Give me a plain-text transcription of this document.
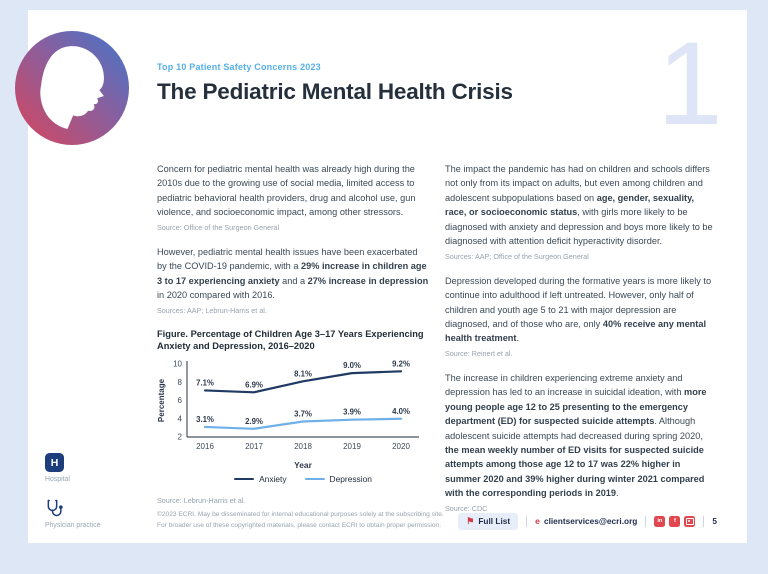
1
Top 10 Patient Safety Concerns 2023
The Pediatric Mental Health Crisis

Concern for pediatric mental health was already high during the 2010s due to the growing use of social media, limited access to pediatric behavioral health providers, drug and alcohol use, gun violence, and socioeconomic impact, among other stressors.

Source: Office of the Surgeon General

However, pediatric mental health issues have been exacerbated by the COVID-19 pandemic, with a 29% increase in children age 3 to 17 experiencing anxiety and a 27% increase in depression in 2020 compared with 2016.

Sources: AAP; Lebrun-Harris et al.
Figure. Percentage of Children Age 3–17 Years Experiencing Anxiety and Depression, 2016–2020
2
4
6
8
10
2016	2017	2018	2019	2020
Percentage	7.1%	6.9%
8.1%
9.0%	9.2%
3.1%	2.9%
3.7%	3.9%	4.0%
Year
Anxiety	Depression
Source: Lebrun-Harris et al.

The impact the pandemic has had on children and schools differs not only from its impact on adults, but even among children and adolescent subpopulations based on age, gender, sexuality, race, or socioeconomic status, with girls more likely to be diagnosed with anxiety and depression and boys more likely to be diagnosed with attention deficit hyperactivity disorder.

Sources: AAP; Office of the Surgeon General

Depression developed during the formative years is more likely to continue into adulthood if left untreated. However, only half of children and youth age 5 to 21 with major depression are diagnosed, and of those who are, only 40% receive any mental health treatment.

Source: Reinert et al.

The increase in children experiencing extreme anxiety and depression has led to an increase in suicidal ideation, with more young people age 12 to 25 presenting to the emergency department (ED) for suspected suicide attempts. Although adolescent suicide attempts had decreased during spring 2020, the mean weekly number of ED visits for suspected suicide attempts among those age 12 to 17 was 22% higher in summer 2020 and 39% higher during winter 2021 compared with the corresponding periods in 2019.

Source: CDC
H
Hospital
Physician practice
©2023 ECRI. May be disseminated for internal educational purposes solely at the subscribing site.
For broader use of these copyrighted materials, please contact ECRI to obtain proper permission.	⚑ Full List	e clientservices@ecri.org	in	f	5
